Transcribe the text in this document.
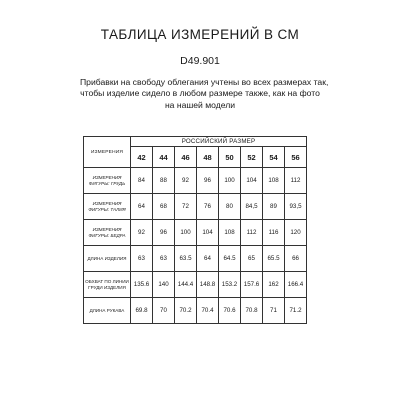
ТАБЛИЦА ИЗМЕРЕНИЙ В СМ
D49.901
Прибавки на свободу облегания учтены во всех размерах так,
чтобы изделие сидело в любом размере также, как на фото
на нашей модели
ИЗМЕРЕНИЯ	РОССИЙСКИЙ РАЗМЕР							
	42	44	46	48	50	52	54	56
ИЗМЕРЕНИЯ ФИГУРЫ: ГРУДЬ	84	88	92	96	100	104	108	112
ИЗМЕРЕНИЯ ФИГУРЫ: ТАЛИЯ	64	68	72	76	80	84,5	89	93,5
ИЗМЕРЕНИЯ ФИГУРЫ: БЕДРА	92	96	100	104	108	112	116	120
ДЛИНА ИЗДЕЛИЯ	63	63	63.5	64	64.5	65	65.5	66
ОБХВАТ ПО ЛИНИИ ГРУДИ ИЗДЕЛИЯ	135.6	140	144.4	148.8	153.2	157.6	162	166.4
ДЛИНА РУКАВА	69.8	70	70.2	70.4	70.6	70.8	71	71.2
